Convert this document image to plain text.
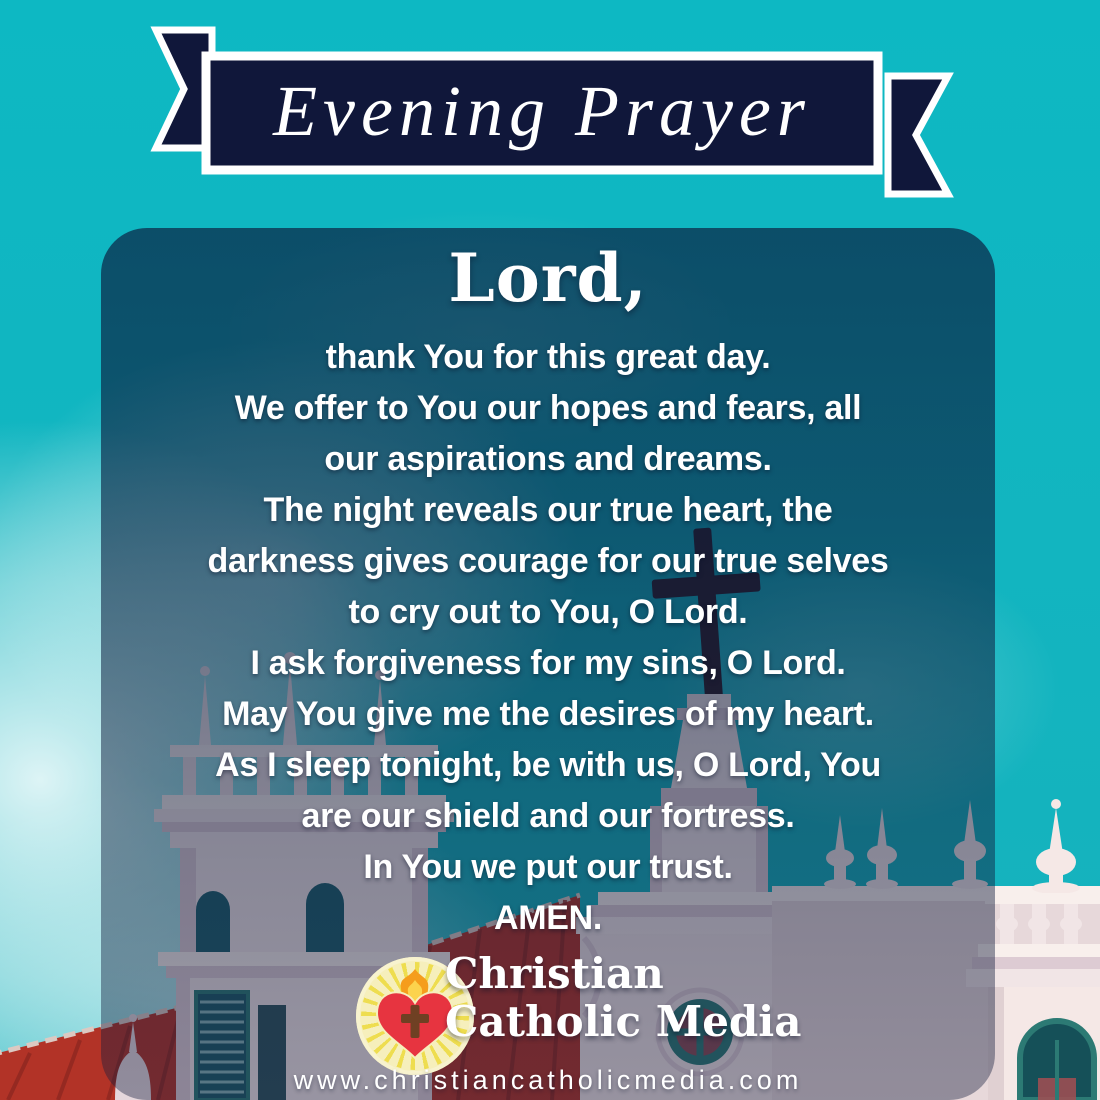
Lord,
thank You for this great day.
We offer to You our hopes and fears, all
our aspirations and dreams.
The night reveals our true heart, the
darkness gives courage for our true selves
to cry out to You, O Lord.
I ask forgiveness for my sins, O Lord.
May You give me the desires of my heart.
As I sleep tonight, be with us, O Lord, You
are our shield and our fortress.
In You we put our trust.
AMEN.
Christian
Catholic Media
www.christiancatholicmedia.com
Evening Prayer
